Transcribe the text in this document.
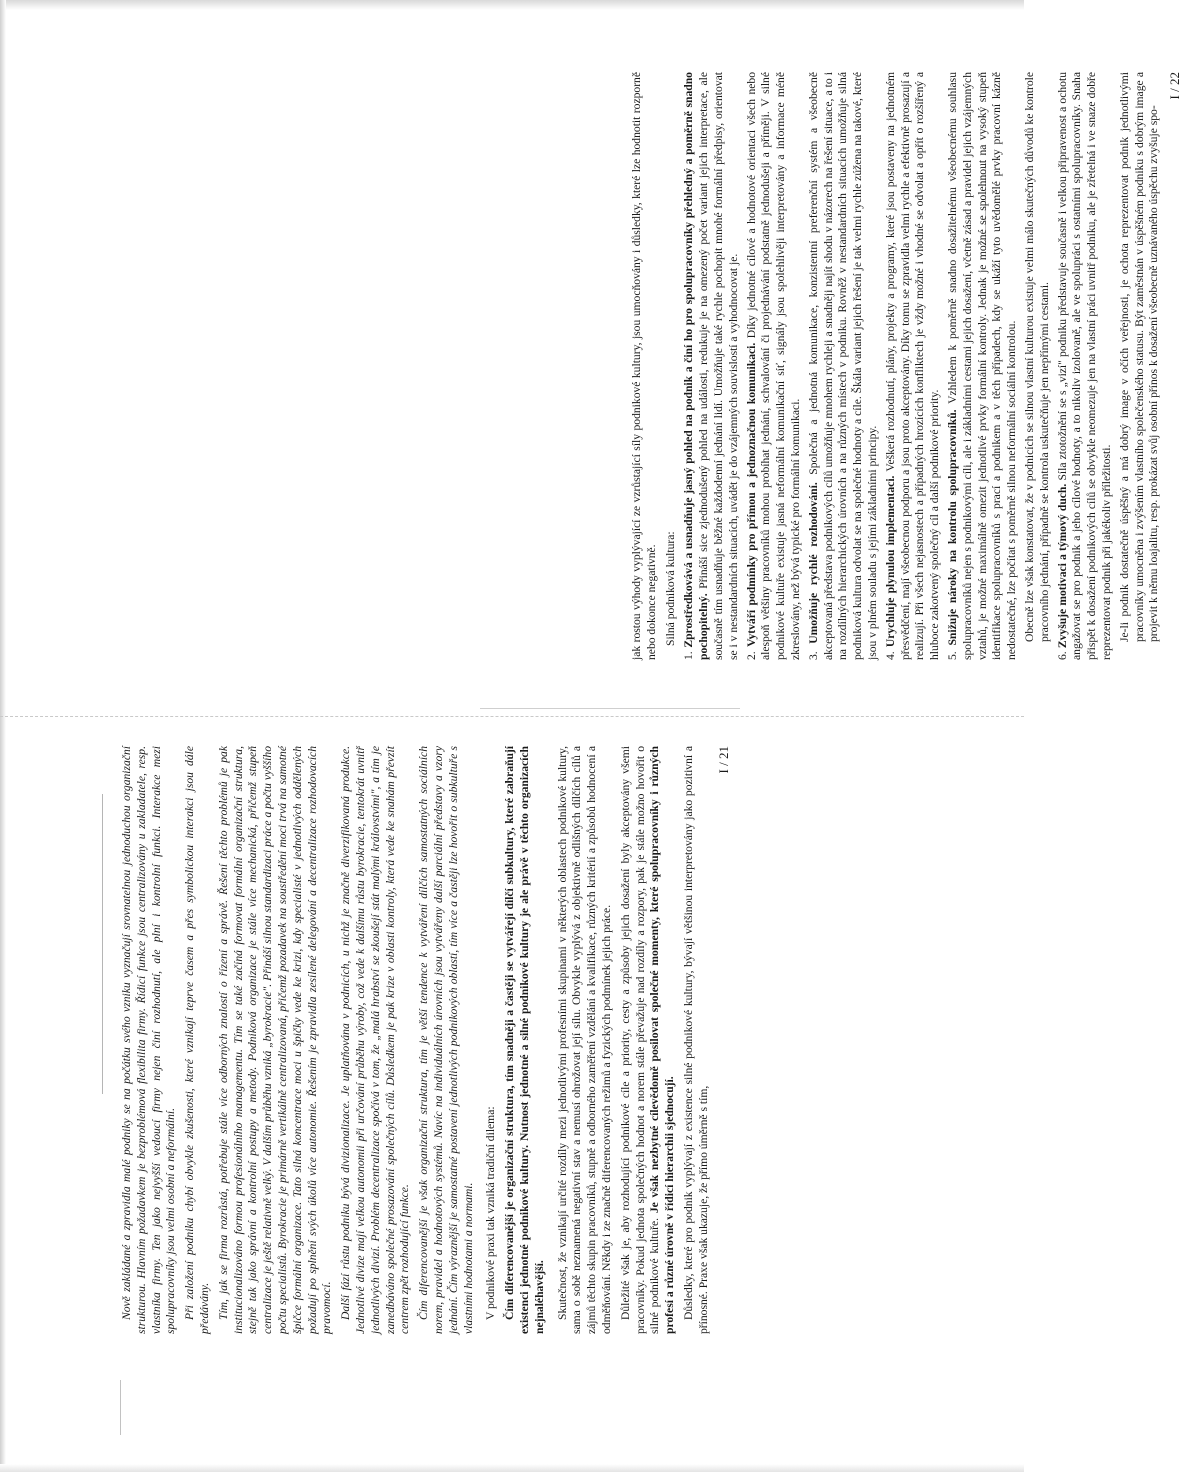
jak rostou výhody vyplývající ze vzrůstající síly podnikové kultury, jsou umocňovány i důsledky, které lze hodnotit rozporně nebo dokonce negativně. Silná podniková kultura:

1. Zprostředkovává a usnadňuje jasný pohled na podnik a činí ho pro spolupracovníky přehledný a poměrně snadno pochopitelný. Přináší sice zjednodušený pohled na události, redukuje je na omezený počet variant jejich interpretace, ale současně tím usnadňuje běžné každodenní jednání lidí. Umožňuje také rychle pochopit mnohé formální předpisy, orientovat se i v nestandardních situacích, uvádět je do vzájemných souvislostí a vyhodnocovat je. 2. Vytváří podmínky pro přímou a jednoznačnou komunikaci. Díky jednotné cílové a hodnotové orientaci všech nebo alespoň většiny pracovníků mohou probíhat jednání, schvalování či projednávání podstatně jednodušeji a příměji. V silné podnikové kultuře existuje jasná neformální komunikační síť, signály jsou spolehlivěji interpretovány a informace méně zkreslovány, než bývá typické pro formální komunikaci. 3. Umožňuje rychlé rozhodování. Společná a jednotná komunikace, konzistentní preferenční systém a všeobecně akceptovaná představa podnikových cílů umožňuje mnohem rychleji a snadněji najít shodu v názorech na řešení situace, a to i na rozdílných hierarchických úrovních a na různých místech v podniku. Rovněž v nestandardních situacích umožňuje silná podniková kultura odvolat se na společné hodnoty a cíle. Škála variant jejich řešení je tak velmi rychle zúžena na takové, které jsou v plném souladu s jejími základními principy. 4. Urychluje plynulou implementaci. Veškerá rozhodnutí, plány, projekty a programy, které jsou postaveny na jednotném přesvědčení, mají všeobecnou podporu a jsou proto akceptovány. Díky tomu se zpravidla velmi rychle a efektivně prosazují a realizují. Při všech nejasnostech a případných hrozících konfliktech je vždy možné i vhodné se odvolat a opřít o rozšířený a hluboce zakotvený společný cíl a další podnikové priority. 5. Snižuje nároky na kontrolu spolupracovníků. Vzhledem k poměrně snadno dosažitelnému všeobecnému souhlasu spolupracovníků nejen s podnikovými cíli, ale i základními cestami jejich dosažení, včetně zásad a pravidel jejich vzájemných vztahů, je možné maximálně omezit jednotlivé prvky formální kontroly. Jednak je možné se spolehnout na vysoký stupeň identifikace spolupracovníků s prací a podnikem a v těch případech, kdy se ukáží tyto uvědomělé prvky pracovní kázně nedostatečné, lze počítat s poměrně silnou neformální sociální kontrolou. Obecně lze však konstatovat, že v podnicích se silnou vlastní kulturou existuje velmi málo skutečných důvodů ke kontrole pracovního jednání, případně se kontrola uskutečňuje jen nepřímými cestami.
6. Zvyšuje motivaci a týmový duch. Síla ztotožnění se s „vizí" podniku představuje současně i velkou připravenost a ochotu angažovat se pro podnik a jeho cílové hodnoty, a to nikoliv izolovaně, ale ve spolupráci s ostatními spolupracovníky. Snaha přispět k dosažení podnikových cílů se obvykle neomezuje jen na vlastní práci uvnitř podniku, ale je zřetelná i ve snaze dobře reprezentovat podnik při jakékoliv příležitosti. Je-li podnik dostatečně úspěšný a má dobrý image v očích veřejnosti, je ochota reprezentovat podnik jednotlivými pracovníky umocněna i zvýšením vlastního společenského statusu. Být zaměstnán v úspěšném podniku s dobrým image a projevit k němu loajalitu, resp. prokázat svůj osobní přínos k dosažení všeobecně uznávaného úspěchu zvyšuje spo-
I / 22

Nově zakládané a zpravidla malé podniky se na počátku svého vzniku vyznačují srovnatelnou jednoduchou organizační strukturou. Hlavním požadavkem je bezproblémová flexibilita firmy. Řídicí funkce jsou centralizovány u zakladatele, resp. vlastníka firmy. Ten jako nejvyšší vedoucí firmy nejen činí rozhodnutí, ale plní i kontrolní funkci. Interakce mezi spolupracovníky jsou velmi osobní a neformální. Při založení podniku chybí obvykle zkušenosti, které vznikají teprve časem a přes symbolickou interakci jsou dále předávány. Tím, jak se firma rozrůstá, potřebuje stále více odborných znalostí o řízení a správě. Řešení těchto problémů je pak institucionalizováno formou profesionálního managementu. Tím se také začíná formovat formální organizační struktura, stejně tak jako správní a kontrolní postupy a metody. Podniková organizace je stále více mechanická, přičemž stupeň centralizace je ještě relativně velký. V dalším průběhu vzniká „byrokracie". Přináší silnou standardizaci práce a počtu vyššího počtu specialistů. Byrokracie je primárně vertikálně centralizovaná, přičemž pozadavek na soustředění moci trvá na samotné špičce formální organizace. Tato silná koncentrace moci u špičky vede ke krizi, kdy specialisté v jednotlivých oddělených požadují po splnění svých úkolů více autonomie. Řešením je zpravidla zesílené delegování a decentralizace rozhodovacích pravomocí. Další fází růstu podniku bývá divizionalizace. Je uplatňována v podnicích, u nichž je značně diverzifikovaná produkce. Jednotlivé divize mají velkou autonomii při určování průběhu výroby, což vede k dalšímu růstu byrokracie, tentokrát uvnitř jednotlivých divizí. Problém decentralizace spočívá v tom, že „malá hrabství se zkoušejí stát malými královstvími", a tím je zanedbáváno společné prosazování společných cílů. Důsledkem je pak krize v oblasti kontroly, která vede ke snahám převzít centrem zpět rozhodující funkce. Čím diferencovanější je však organizační struktura, tím je větší tendence k vytváření dílčích samostatných sociálních norem, pravidel a hodnotových systémů. Navíc na individuálních úrovních jsou vytvářeny další parciální představy a vzory jednání. Čím výraznější je samostatné postavení jednotlivých podnikových oblastí, tím více a častěji lze hovořit o subkultuře s vlastními hodnotami a normami. V podnikové praxi tak vzniká tradiční dilema: Čím diferencovanější je organizační struktura, tím snadněji a častěji se vytvářejí dílčí subkultury, které zabraňují existenci jednotné podnikové kultury. Nutnost jednotné a silné podnikové kultury je ale právě v těchto organizacích nejnaléhavější. Skutečnost, že vznikají určité rozdíly mezi jednotlivými profesními skupinami v některých oblastech podnikové kultury, sama o sobě neznamená negativní stav a nemusí ohrožovat její sílu. Obvykle vyplývá z objektivně odlišných dílčích cílů a zájmů těchto skupin pracovníků, stupně a odborného zaměření vzdělání a kvalifikace, různých kritérií a způsobů hodnocení a odměňování. Někdy i ze značně diferencovaných režimů a fyzických podmínek jejich práce. Důležité však je, aby rozhodující podnikové cíle a priority, cesty a způsoby jejich dosažení byly akceptovány všemi pracovníky. Pokud jednota společných hodnot a norem stále převažuje nad rozdíly a rozpory, pak je stále možno hovořit o silné podnikové kultuře. Je však nezbytné cílevědomě posilovat společné momenty, které spolupracovníky i různých profesí a různé úrovně v řídicí hierarchii sjednocují. Důsledky, které pro podnik vyplývají z existence silné podnikové kultury, bývají většinou interpretovány jako pozitivní a přínosné. Praxe však ukazuje, že přímo úměrně s tím,

I / 21
